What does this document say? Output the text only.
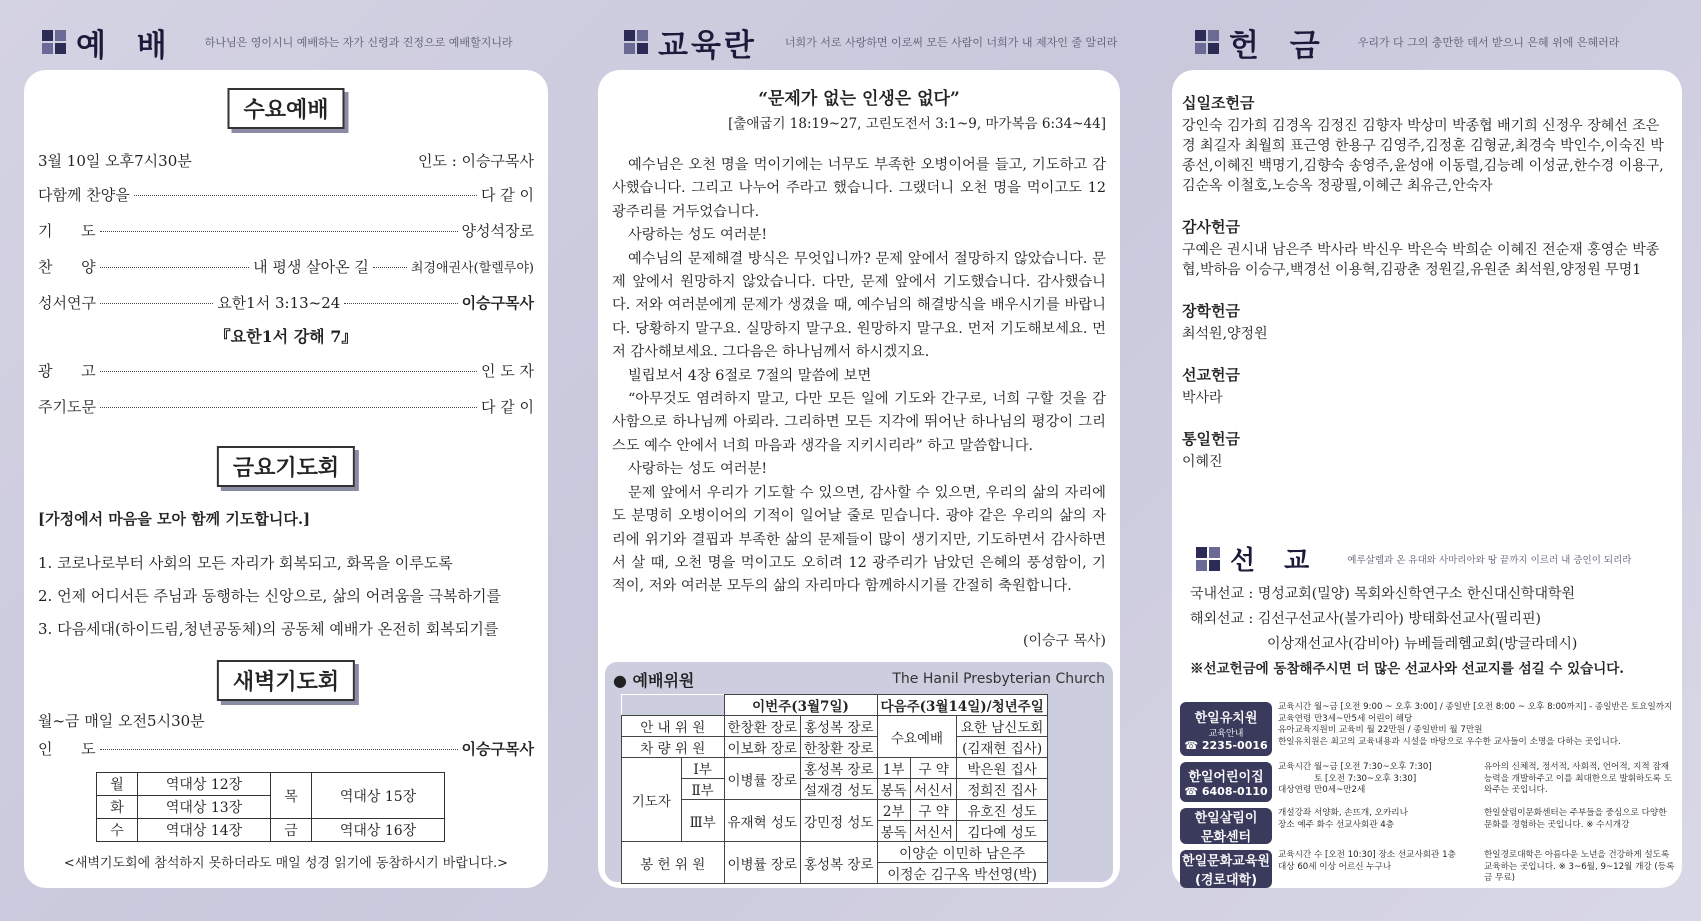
예 배	하나님은 영이시니 예배하는 자가 신령과 진정으로 예배할지니라	교육란	너희가 서로 사랑하면 이로써 모든 사람이 너희가 내 제자인 줄 알리라	헌 금	우리가 다 그의 충만한 데서 받으니 은혜 위에 은혜러라
수요예배
3월 10일 오후7시30분	인도 : 이승구목사
다함께 찬양을	다 같 이
기      도	양성석장로
찬      양	내 평생 살아온 길	최경애권사(할렐루야)
성서연구	요한1서 3:13~24	이승구목사
『요한1서 강해 7』
광      고	인 도 자
주기도문	다 같 이
금요기도회
[가정에서 마음을 모아 함께 기도합니다.]
1. 코로나로부터 사회의 모든 자리가 회복되고, 화목을 이루도록
2. 언제 어디서든 주님과 동행하는 신앙으로, 삶의 어려움을 극복하기를
3. 다음세대(하이드림,청년공동체)의 공동체 예배가 온전히 회복되기를
새벽기도회
월~금 매일 오전5시30분
인      도	이승구목사
월	역대상 12장	목	역대상 15장
화	역대상 13장		
수	역대상 14장	금	역대상 16장
<새벽기도회에 참석하지 못하더라도 매일 성경 읽기에 동참하시기 바랍니다.>
“문제가 없는 인생은 없다”
[출애굽기 18:19~27, 고린도전서 3:1~9, 마가복음 6:34~44]

예수님은 오천 명을 먹이기에는 너무도 부족한 오병이어를 들고, 기도하고 감사했습니다. 그리고 나누어 주라고 했습니다. 그랬더니 오천 명을 먹이고도 12 광주리를 거두었습니다.

사랑하는 성도 여러분!

예수님의 문제해결 방식은 무엇입니까? 문제 앞에서 절망하지 않았습니다. 문제 앞에서 원망하지 않았습니다. 다만, 문제 앞에서 기도했습니다. 감사했습니다. 저와 여러분에게 문제가 생겼을 때, 예수님의 해결방식을 배우시기를 바랍니다. 당황하지 말구요. 실망하지 말구요. 원망하지 말구요. 먼저 기도해보세요. 먼저 감사해보세요. 그다음은 하나님께서 하시겠지요.

빌립보서 4장 6절로 7절의 말씀에 보면

“아무것도 염려하지 말고, 다만 모든 일에 기도와 간구로, 너희 구할 것을 감사함으로 하나님께 아뢰라. 그리하면 모든 지각에 뛰어난 하나님의 평강이 그리스도 예수 안에서 너희 마음과 생각을 지키시리라” 하고 말씀합니다.

사랑하는 성도 여러분!

문제 앞에서 우리가 기도할 수 있으면, 감사할 수 있으면, 우리의 삶의 자리에도 분명히 오병이어의 기적이 일어날 줄로 믿습니다. 광야 같은 우리의 삶의 자리에 위기와 결핍과 부족한 삶의 문제들이 많이 생기지만, 기도하면서 감사하면서 살 때, 오천 명을 먹이고도 오히려 12 광주리가 남았던 은혜의 풍성함이, 기적이, 저와 여러분 모두의 삶의 자리마다 함께하시기를 간절히 축원합니다.

(이승구 목사)
● 예배위원	The Hanil Presbyterian Church
		이번주(3월7일)		다음주(3월14일)/청년주일		
안 내 위 원		한창환 장로	홍성복 장로	수요예배		요한 남신도회
차 량 위 원		이보화 장로	한창환 장로			(김재현 집사)
기도자	Ⅰ부	이병률 장로	홍성복 장로	1부	구 약	박은원 집사
	Ⅱ부		설재경 성도	봉독	서신서	정희진 집사
	Ⅲ부	유재혁 성도	강민정 성도	2부	구 약	유호진 성도
				봉독	서신서	김다예 성도
봉 헌 위 원		이병률 장로	홍성복 장로	이양순 이민하 남은주		
				이정순 김구옥 박선영(박)		
십일조헌금

강인숙 김가희 김경옥 김정진 김향자 박상미 박종협 배기희 신정우 장혜선 조은경 최길자 최월희 표근영 한용구 김영주,김정훈 김형균,최경숙 박인수,이숙진 박종선,이혜진 백명기,김향숙 송영주,윤성애 이동렬,김능례 이성균,한수경 이용구,김순옥 이철호,노승옥 정광필,이혜근 최유근,안숙자

감사헌금

구예은 권시내 남은주 박사라 박신우 박은숙 박희순 이혜진 전순재 홍영순 박종협,박하음 이승구,백경선 이용혁,김광춘 정원길,유원준 최석원,양정원 무명1

장학헌금

최석원,양정원

선교헌금

박사라

통일헌금

이혜진

선 교	예루살렘과 온 유대와 사마리아와 땅 끝까지 이르러 내 증인이 되리라
국내선교 : 명성교회(밀양) 목회와신학연구소 한신대신학대학원
해외선교 : 김선구선교사(불가리아) 방태화선교사(필리핀)
이상재선교사(감비아) 뉴베들레헴교회(방글라데시)
※선교헌금에 동참해주시면 더 많은 선교사와 선교지를 섬길 수 있습니다.
한일유치원
교육안내
☎ 2235-0016
교육시간 월~금 [오전 9:00 ~ 오후 3:00] / 종일반 [오전 8:00 ~ 오후 8:00까지] - 종일반은 토요일까지
교육연령 만3세~만5세 어린이 해당
유아교육지원비 교육비 월 22만원 / 종일반비 월 7만원
한일유치원은 최고의 교육내용과 시설을 바탕으로 우수한 교사들이 소명을 다하는 곳입니다.
한일어린이집
☎ 6408-0110
교육시간 월~금 [오전 7:30~오후 7:30]
토 [오전 7:30~오후 3:30]
대상연령 만0세~만2세
유아의 신체적, 정서적, 사회적, 언어적, 지적 잠재능력을 개발하주고 이를 최대한으로 발휘하도록 도와주는 곳입니다.
한일살림이
문화센터
개설강좌 서양화, 손뜨개, 오카리나
장소 예주 화수 선교사회관 4층
한일살림이문화센터는 주부들을 중심으로 다양한 문화를 경험하는 곳입니다. ※ 수시개강
한일문화교육원
(경로대학)
교육시간 수 [오전 10:30] 장소 선교사회관 1층
대상 60세 이상 어르신 누구나
한일경로대학은 아름다운 노년을 건강하게 설도록 교육하는 곳입니다. ※ 3~6월, 9~12월 개강 (등록금 무료)
